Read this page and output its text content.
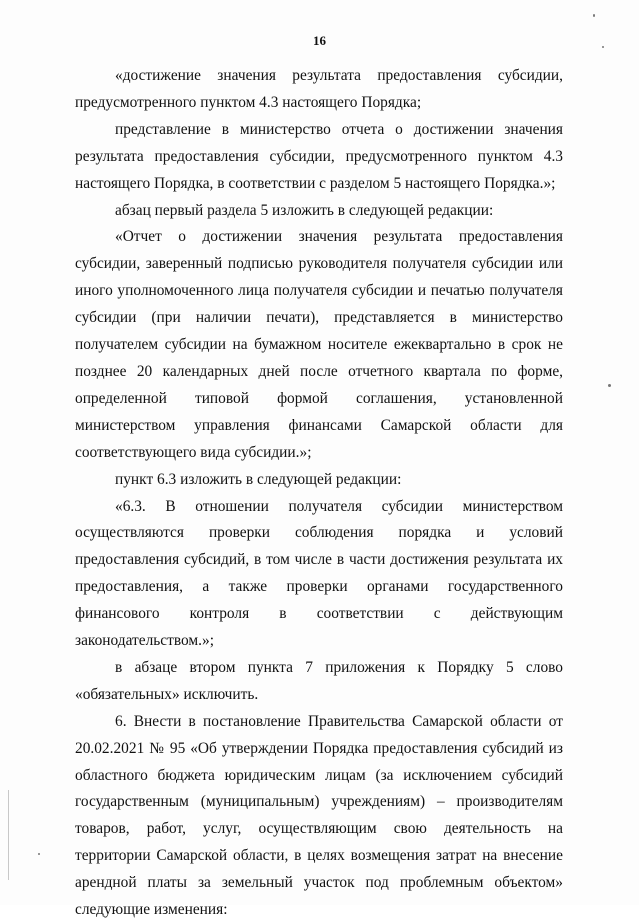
16

«достижение значения результата предоставления субсидии, предусмотренного пунктом 4.3 настоящего Порядка;

представление в министерство отчета о достижении значения результата предоставления субсидии, предусмотренного пунктом 4.3 настоящего Порядка, в соответствии с разделом 5 настоящего Порядка.»;

абзац первый раздела 5 изложить в следующей редакции:

«Отчет о достижении значения результата предоставления субсидии, заверенный подписью руководителя получателя субсидии или иного уполномоченного лица получателя субсидии и печатью получателя субсидии (при наличии печати), представляется в министерство получателем субсидии на бумажном носителе ежеквартально в срок не позднее 20 календарных дней после отчетного квартала по форме, определенной типовой формой соглашения, установленной министерством управления финансами Самарской области для соответствующего вида субсидии.»;

пункт 6.3 изложить в следующей редакции:

«6.3. В отношении получателя субсидии министерством осуществляются проверки соблюдения порядка и условий предоставления субсидий, в том числе в части достижения результата их предоставления, а также проверки органами государственного финансового контроля в соответствии с действующим законодательством.»;

в абзаце втором пункта 7 приложения к Порядку 5 слово «обязательных» исключить.

6. Внести в постановление Правительства Самарской области от 20.02.2021 № 95 «Об утверждении Порядка предоставления субсидий из областного бюджета юридическим лицам (за исключением субсидий государственным (муниципальным) учреждениям) – производителям товаров, работ, услуг, осуществляющим свою деятельность на территории Самарской области, в целях возмещения затрат на внесение арендной платы за земельный участок под проблемным объектом» следующие изменения:
